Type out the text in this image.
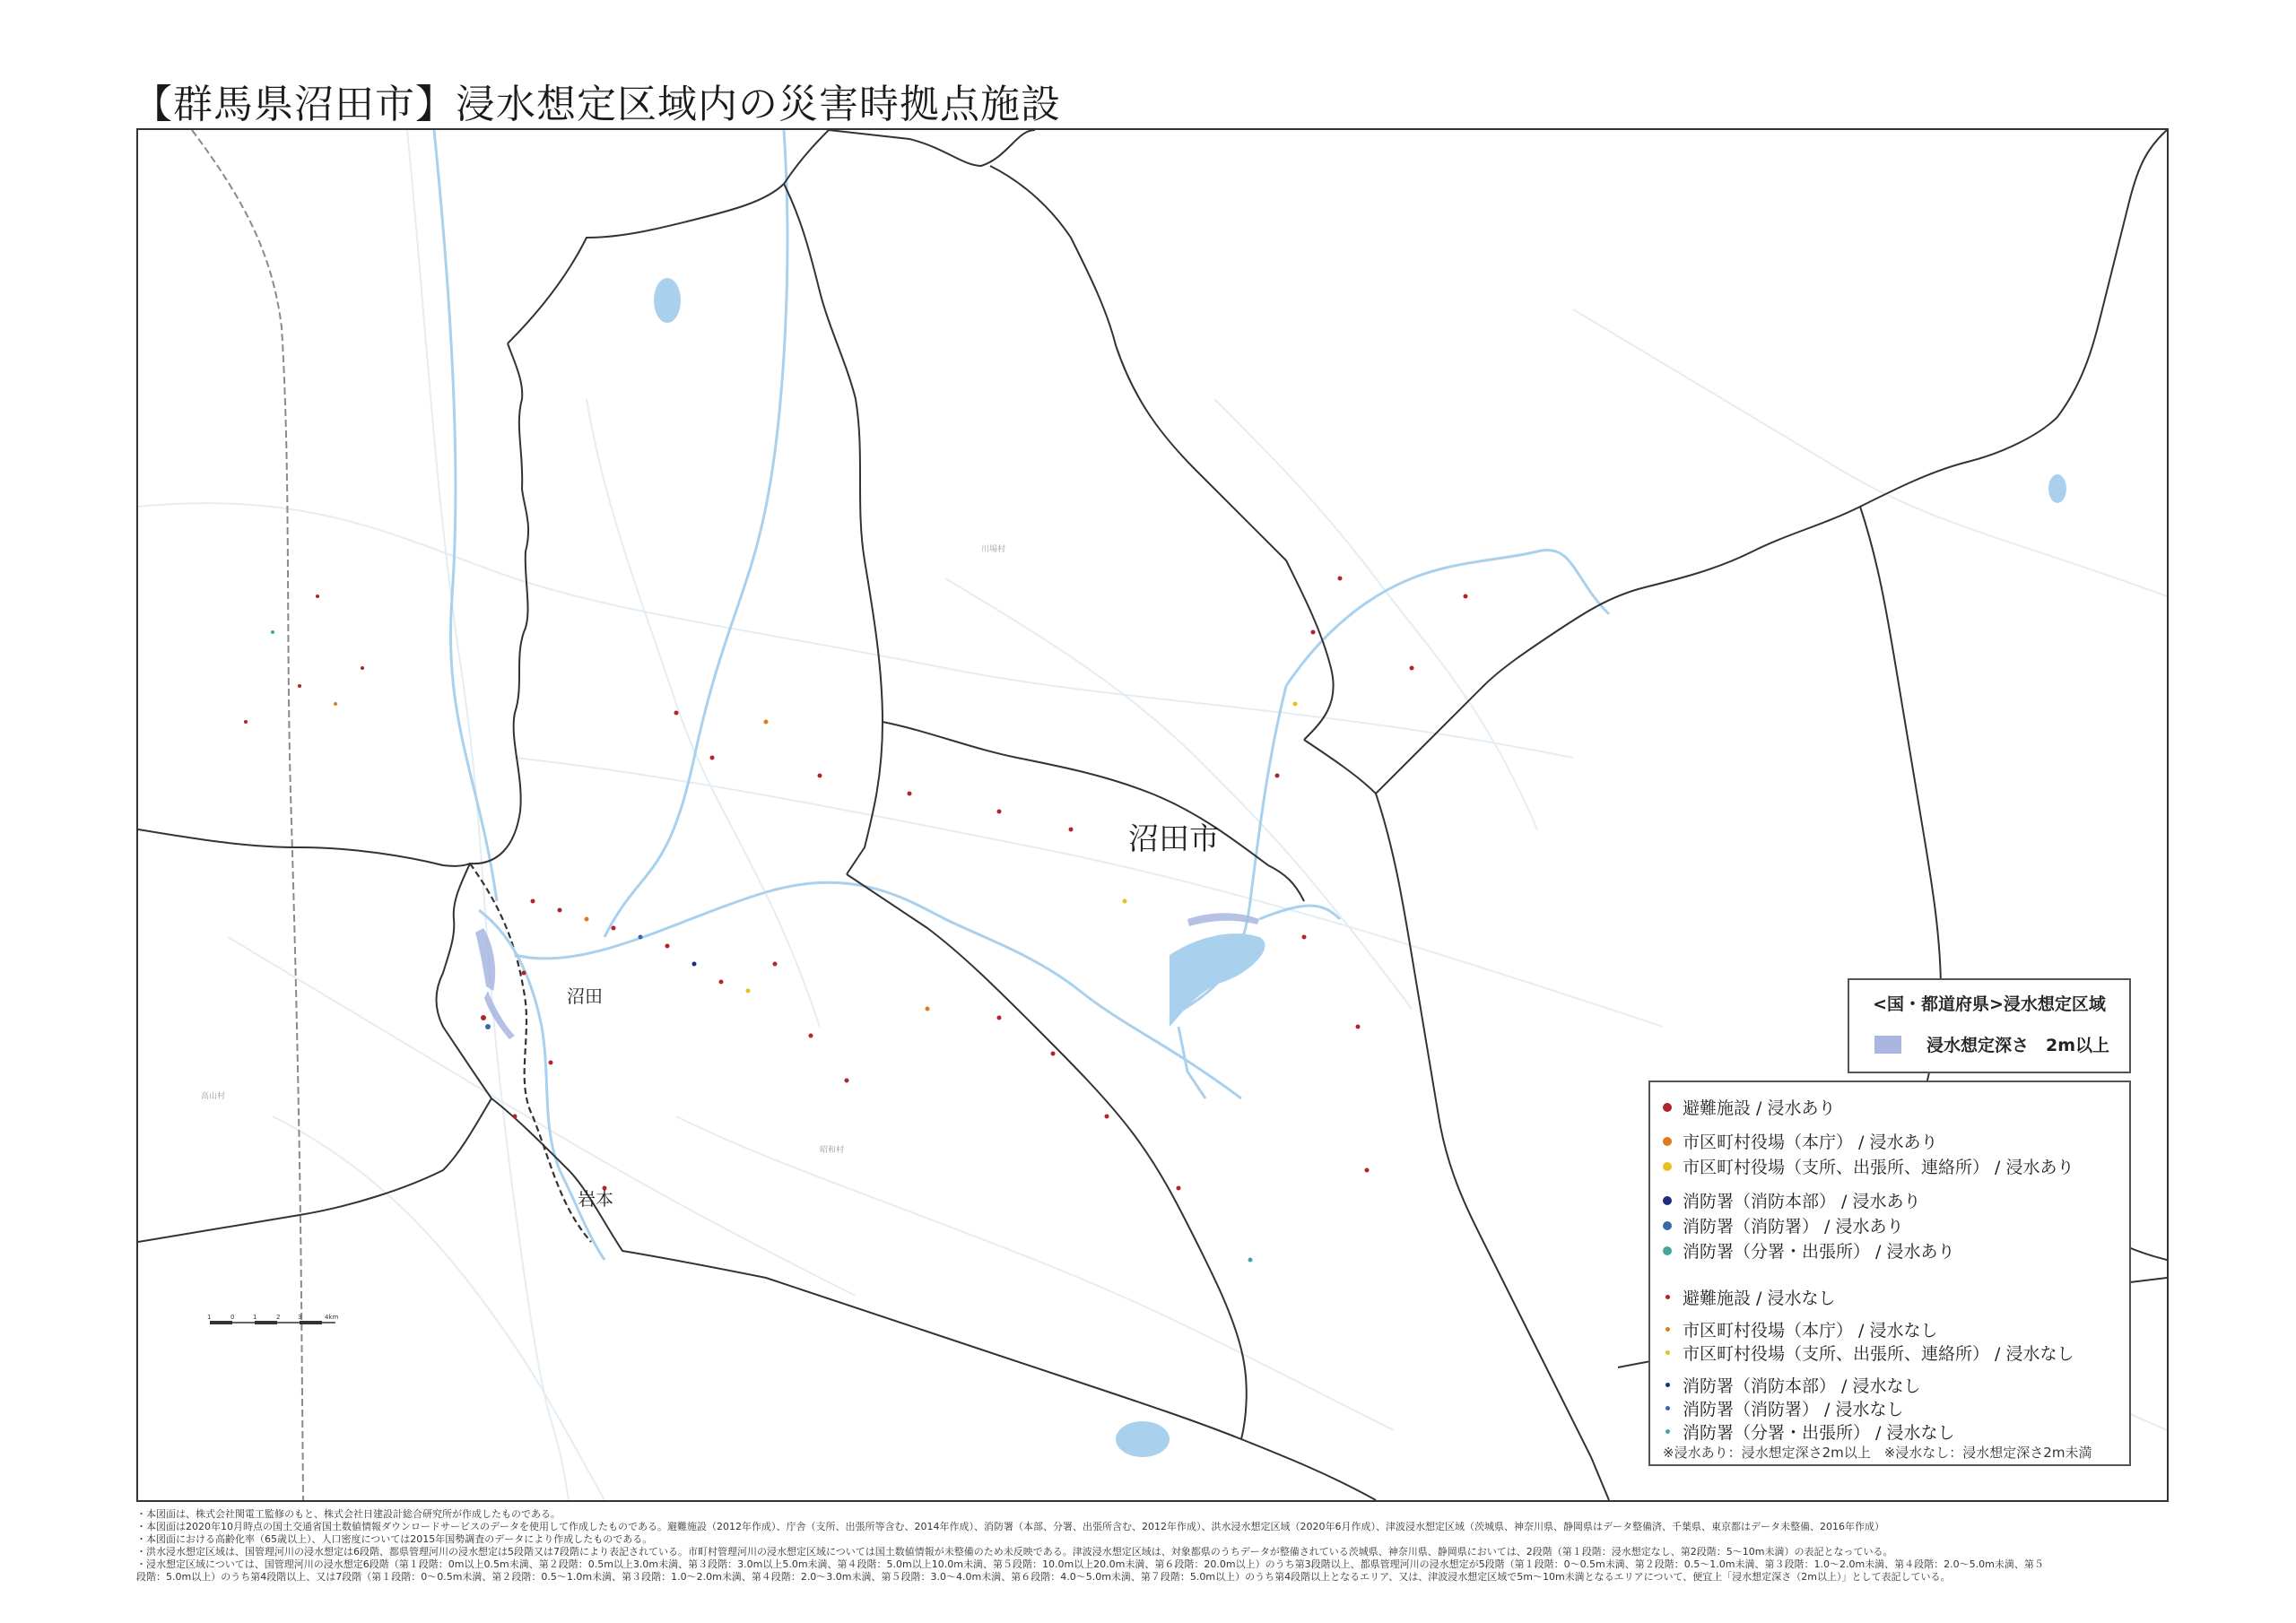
【群馬県沼田市】浸水想定区域内の災害時拠点施設
沼田市
沼田
岩本
川場村
昭和村
高山村
1	0	1	2	3	4km
<国・都道府県>浸水想定区域
浸水想定深さ　2m以上
避難施設 / 浸水あり
市区町村役場（本庁） / 浸水あり
市区町村役場（支所、出張所、連絡所） / 浸水あり
消防署（消防本部） / 浸水あり
消防署（消防署） / 浸水あり
消防署（分署・出張所） / 浸水あり
避難施設 / 浸水なし
市区町村役場（本庁） / 浸水なし
市区町村役場（支所、出張所、連絡所） / 浸水なし
消防署（消防本部） / 浸水なし
消防署（消防署） / 浸水なし
消防署（分署・出張所） / 浸水なし
※浸水あり：浸水想定深さ2m以上　※浸水なし：浸水想定深さ2m未満
・本図面は、株式会社関電工監修のもと、株式会社日建設計総合研究所が作成したものである。
・本図面は2020年10月時点の国土交通省国土数値情報ダウンロードサービスのデータを使用して作成したものである。避難施設（2012年作成）、庁舎（支所、出張所等含む、2014年作成）、消防署（本部、分署、出張所含む、2012年作成）、洪水浸水想定区域（2020年6月作成）、津波浸水想定区域（茨城県、神奈川県、静岡県はデータ整備済、千葉県、東京都はデータ未整備、2016年作成）
・本図面における高齢化率（65歳以上）、人口密度については2015年国勢調査のデータにより作成したものである。
・洪水浸水想定区域は、国管理河川の浸水想定は6段階、都県管理河川の浸水想定は5段階又は7段階により表記されている。市町村管理河川の浸水想定区域については国土数値情報が未整備のため未反映である。津波浸水想定区域は、対象都県のうちデータが整備されている茨城県、神奈川県、静岡県においては、2段階（第１段階：浸水想定なし、第2段階：5～10m未満）の表記となっている。
・浸水想定区域については、国管理河川の浸水想定6段階（第１段階：0m以上0.5m未満、第２段階：0.5m以上3.0m未満、第３段階：3.0m以上5.0m未満、第４段階：5.0m以上10.0m未満、第５段階：10.0m以上20.0m未満、第６段階：20.0m以上）のうち第3段階以上、都県管理河川の浸水想定が5段階（第１段階：0～0.5m未満、第２段階：0.5～1.0m未満、第３段階：1.0～2.0m未満、第４段階：2.0～5.0m未満、第５
段階：5.0m以上）のうち第4段階以上、又は7段階（第１段階：0～0.5m未満、第２段階：0.5～1.0m未満、第３段階：1.0～2.0m未満、第４段階：2.0～3.0m未満、第５段階：3.0～4.0m未満、第６段階：4.0～5.0m未満、第７段階：5.0m以上）のうち第4段階以上となるエリア、又は、津波浸水想定区域で5m～10m未満となるエリアについて、便宜上「浸水想定深さ（2m以上）」として表記している。
